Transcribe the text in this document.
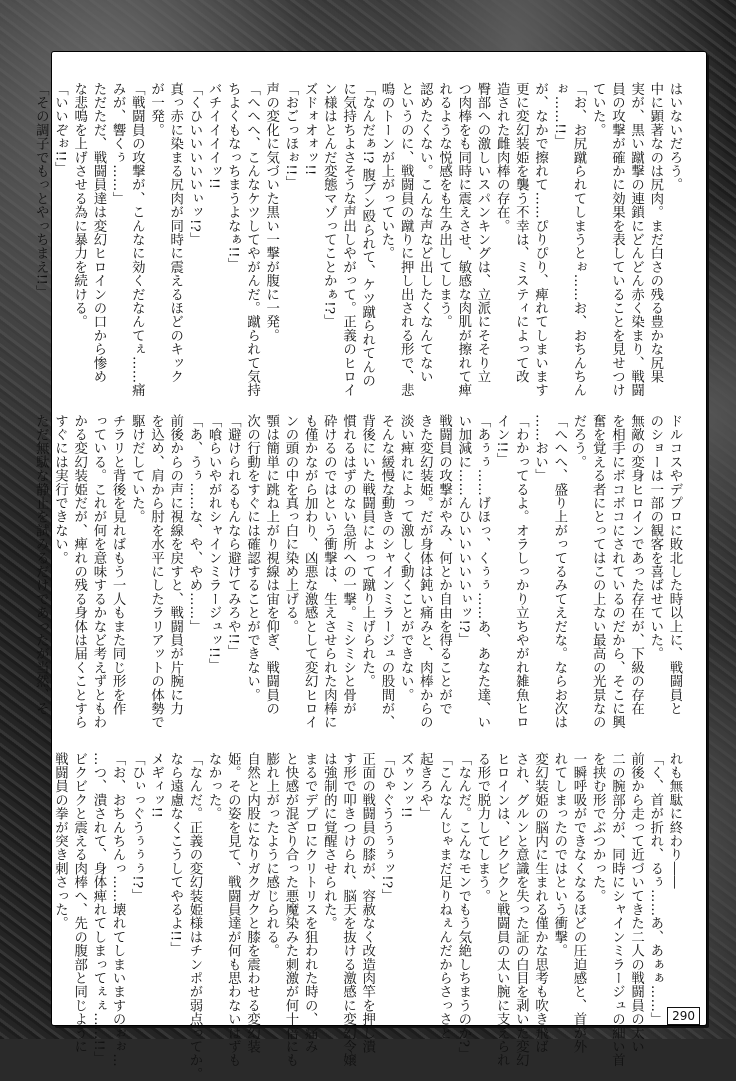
はいないだろう。
中に顕著なのは尻肉。まだ白さの残る豊かな尻果
実が、黒い蹴撃の連鎖にどんどん赤く染まり、戦闘
員の攻撃が確かに効果を表していることを見せつけ
ていた。
「お、お尻蹴られてしまうとぉ……お、おちんちん
ぉ……!!」
が、なかで擦れて……ぴりぴり、痺れてしまいます
更に変幻装姫を襲う不幸は、ミスティによって改
造された雌肉棒の存在。
臀部への激しいスパンキングは、立派にそそり立
つ肉棒をも同時に震えさせ、敏感な肉肌が擦れて痺
れるような悦感をも生み出してしまう。
認めたくない。こんな声など出したくなんてない
というのに、戦闘員の蹴りに押し出される形で、悲
鳴のトーンが上がっていた。
「なんだぁ!? 腹ブン殴られて、ケツ蹴られてんの
に気持ちよさそうな声出しやがって。正義のヒロイ
ン様はとんだ変態マゾってことかぁ!?」
ズドォオォッ!!
「おごっほぉ!!」
声の変化に気づいた黒い一撃が腹に一発。
「へへへ、こんなケツしてやがんだ。蹴られて気持
ちよくもなっちまうよなぁ!!」
バチイイイイッ!!
「くひいいいいいぃッ!?」
真っ赤に染まる尻肉が同時に震えるほどのキック
が一発。
「戦闘員の攻撃が、こんなに効くだなんてぇ……痛
みが、響くぅ……」
ただただ、戦闘員達は変幻ヒロインの口から惨め
な悲鳴を上げさせる為に暴力を続ける。
「いいぞぉ!!」
「その調子でもっとやっちまえ!!」
ドルコスやデプロに敗北した時以上に、戦闘員と
のショーは一部の観客を喜ばせていた。
無敵の変身ヒロインであった存在が、下級の存在
を相手にボコボコにされているのだから、そこに興
奮を覚える者にとってはこの上ない最高の光景なの
だろう。
「へへへ、盛り上がってるみてえだな。ならお次は
……おい」
「わかってるよ。オラしっかり立ちやがれ雑魚ヒロ
イン!!」
「あぅぅ……げほっ、くぅぅ……あ、あなた達、い
い加減に……んひいいいいいぃッ!?」
戦闘員の攻撃がやみ、何とか自由を得ることがで
きた変幻装姫。だが身体は鈍い痛みと、肉棒からの
淡い痺れによって激しく動くことができない。
そんな緩慢な動きのシャインミラージュの股間が、
背後にいた戦闘員によって蹴り上げられた。
慣れるはずのない急所への一撃。ミシミシと骨が
砕けるのではという衝撃は、生えさせられた肉棒に
も僅かながら加わり、凶悪な激感として変幻ヒロイ
ンの頭の中を真っ白に染め上げる。
顎は簡単に跳ね上がり視線は宙を仰ぎ、戦闘員の
次の行動をすぐには確認することができない。
「避けられるもんなら避けてみろや!!」
「喰らいやがれシャインミラージュッ!!」
「あ、うぅ……な、や、やめ……」
前後からの声に視線を戻すと、戦闘員が片腕に力
を込め、肩から肘を水平にしたラリアットの体勢で
駆けだしていた。
チラリと背後を見ればもう一人もまた同じ形を作
っている。これが何を意味するかなど考えずともわ
かる変幻装姫だが、痺れの残る身体は届くことすら
すぐには実行できない。
ただ無駄な静止を試みるだけであったが当然、そ
れも無駄に終わり――
「く、首が折れ、るぅ……あ、あぁぁ……」
前後から走って近づいてきた二人の戦闘員の太い
二の腕部分が、同時にシャインミラージュの細い首
を挟む形でぶつかった。
一瞬呼吸ができなくなるほどの圧迫感と、首が外
れてしまったのではという衝撃。
変幻装姫の脳内に生まれる僅かな思考も吹き飛ば
され、グルンと意識を失った証の白目を剥いた変幻
ヒロインは、ビクビクと戦闘員の太い腕に支えられ
る形で脱力してしまう。
「なんだ。こんなモンでもう気絶しちまうのか?」
「こんなんじゃまだ足りねぇんだからさっさと
起きろや」
ズゥンッ!!
「ひゃぐううぅぅッ!?」
正面の戦闘員の膝が、容赦なく改造肉竿を押し潰
す形で叩きつけられ、脳天を抜ける激感に変幻令嬢
は強制的に覚醒させられた。
まるでデプロにクリトリスを狙われた時の、痛み
と快感が混ざり合った悪魔染みた刺激が何十倍にも
膨れ上がったように感じられる。
自然と内股になりガクガクと膝を震わせる変幻装
姫。その姿を見て、戦闘員達が何も思わないはずも
なかった。
「なんだ。正義の変幻装姫様はチンポが弱点ってか。
なら遠慮なくこうしてやるよ!!」
メギィッ!!
「ひぃっぐうぅぅぅ!?」
「お、おちんちんっ……壊れてしまいますのぉぉ…
…つ、潰されて、身体痺れてしまってぇぇ……!!」
ビクビクと震える肉棒へ、先の腹部と同じように
戦闘員の拳が突き刺さった。
290
